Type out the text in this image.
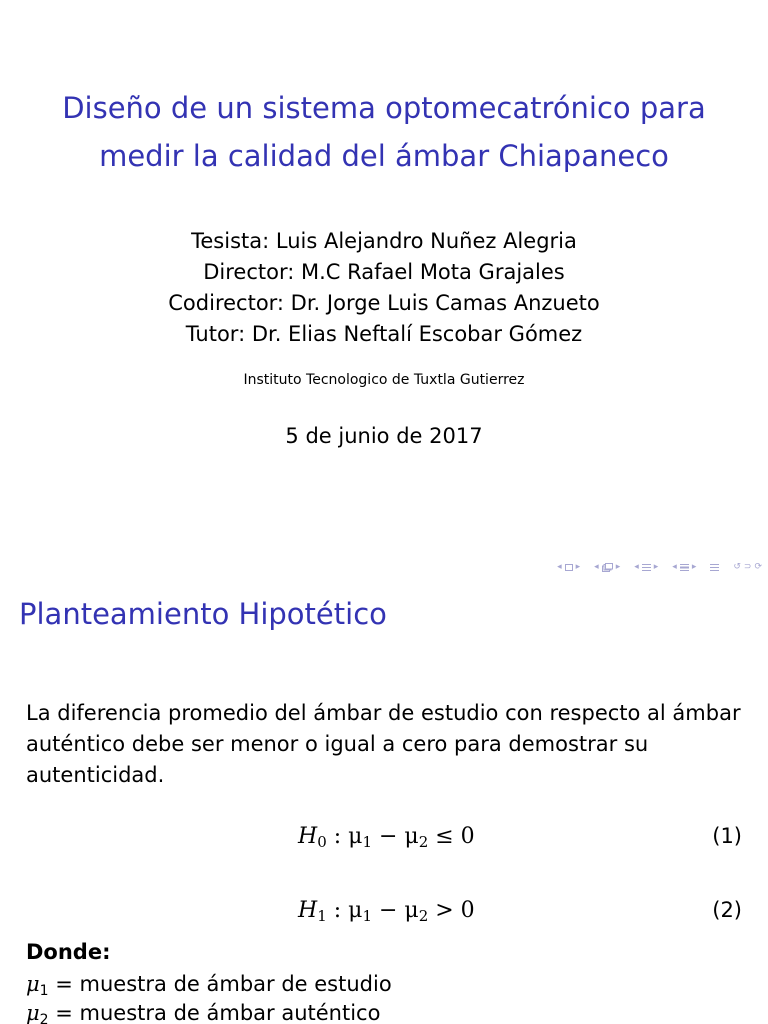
Diseño de un sistema optomecatrónico para
medir la calidad del ámbar Chiapaneco
Tesista: Luis Alejandro Nuñez Alegria
Director: M.C Rafael Mota Grajales
Codirector: Dr. Jorge Luis Camas Anzueto
Tutor: Dr. Elias Neftalí Escobar Gómez
Instituto Tecnologico de Tuxtla Gutierrez
5 de junio de 2017
◂ ▸ ◂ ▸ ◂ ▸ ◂ ▸	↺ ⊃ ⟳
Planteamiento Hipotético
La diferencia promedio del ámbar de estudio con respecto al ámbar
auténtico debe ser menor o igual a cero para demostrar su
autenticidad.
$H_0$ : $\mu_1 - \mu_2 \le 0$	(1)
$H_1$ : $\mu_1 - \mu_2 > 0$	(2)
Donde:
$\mu_1$ = muestra de ámbar de estudio
$\mu_2$ = muestra de ámbar auténtico
